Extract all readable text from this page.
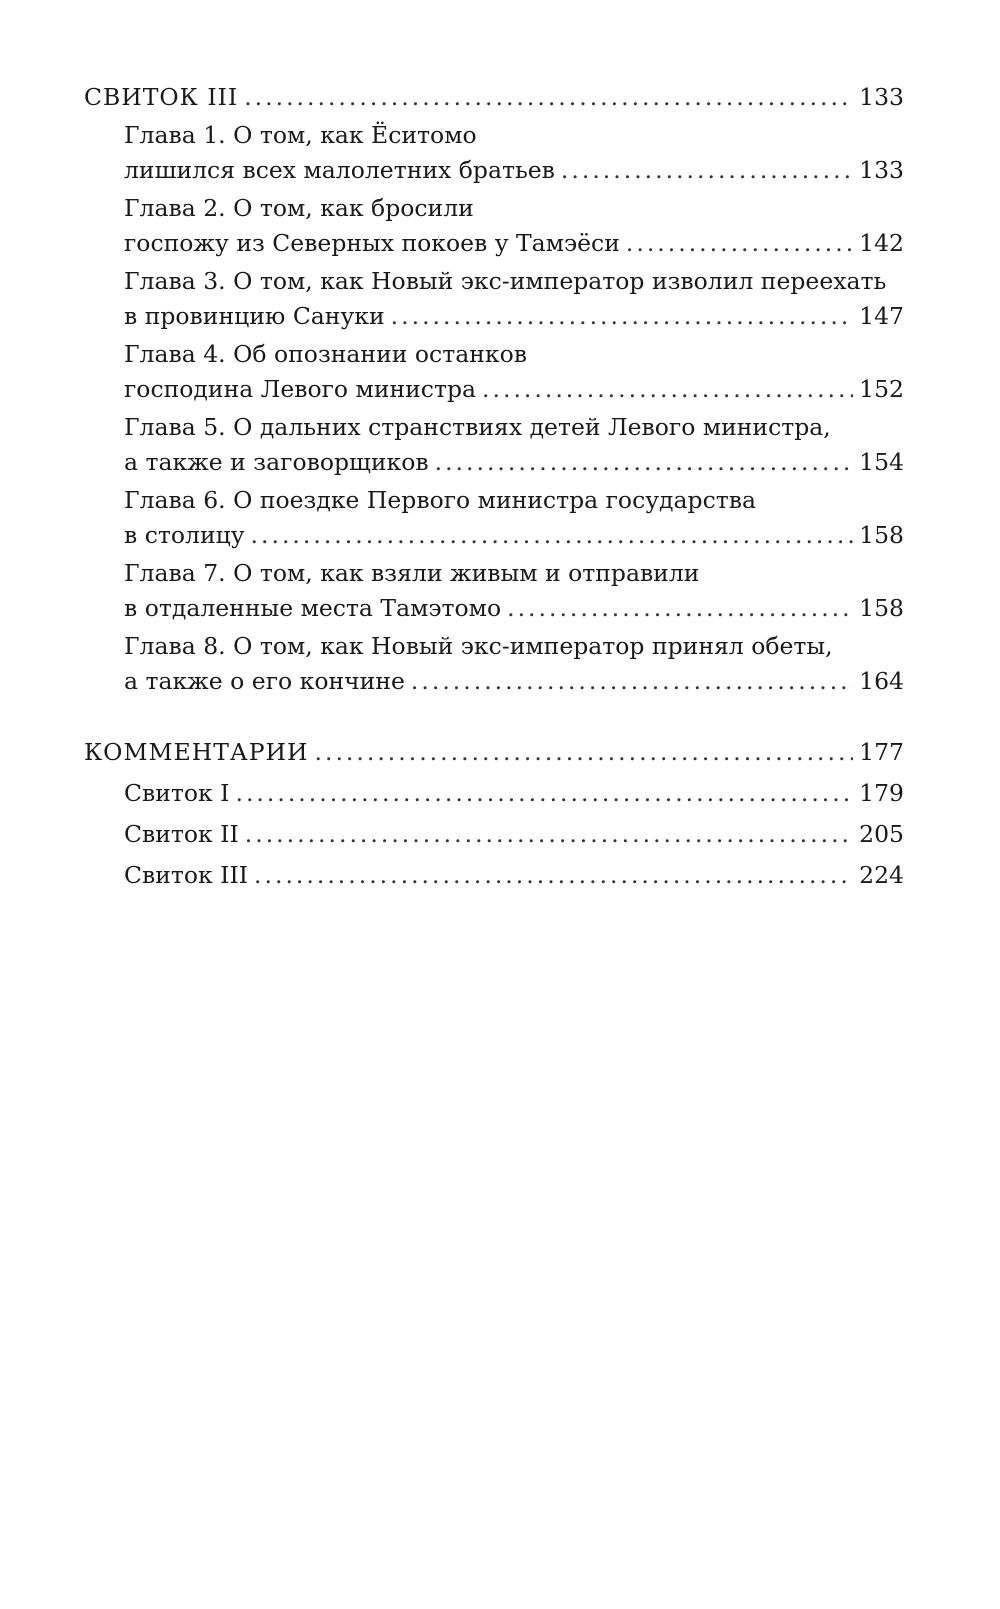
СВИТОК III .....	133
Глава 1. О том, как Ёситомо
лишился всех малолетних братьев .....	133
Глава 2. О том, как бросили
госпожу из Северных покоев у Тамэёси .....	142
Глава 3. О том, как Новый экс-император изволил переехать
в провинцию Сануки .....	147
Глава 4. Об опознании останков
господина Левого министра .....	152
Глава 5. О дальних странствиях детей Левого министра,
а также и заговорщиков .....	154
Глава 6. О поездке Первого министра государства
в столицу .....	158
Глава 7. О том, как взяли живым и отправили
в отдаленные места Тамэтомо .....	158
Глава 8. О том, как Новый экс-император принял обеты,
а также о его кончине .....	164
КОММЕНТАРИИ .....	177
Свиток I .....	179
Свиток II .....	205
Свиток III .....	224
